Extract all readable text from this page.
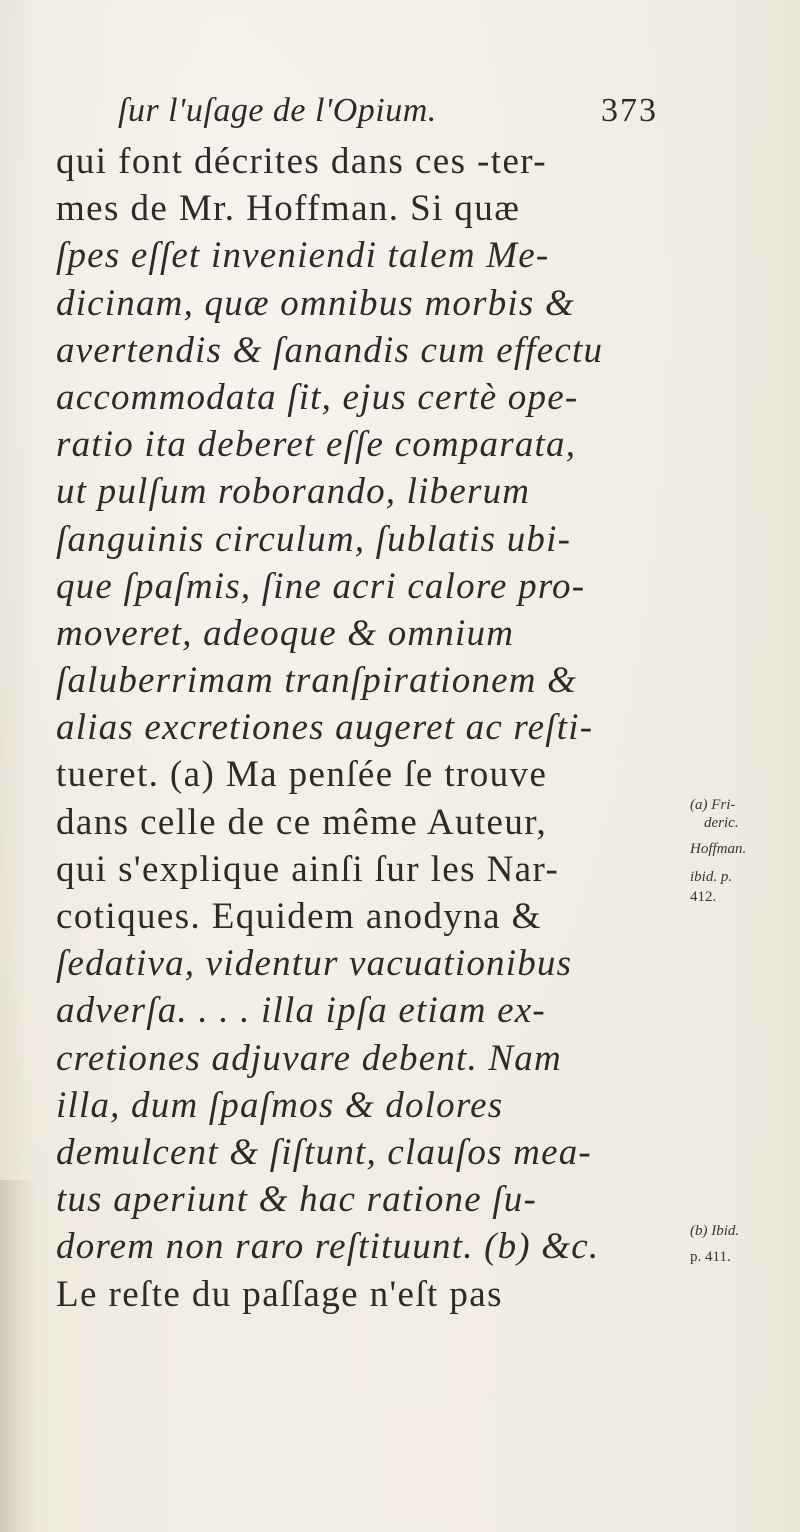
ſur l'uſage de l'Opium.	373
qui font décrites dans ces -ter-
mes de Mr. Hoffman. Si quæ
ſpes eſſet inveniendi talem Me-
dicinam, quæ omnibus morbis &
avertendis & ſanandis cum effectu
accommodata ſit, ejus certè ope-
ratio ita deberet eſſe comparata,
ut pulſum roborando, liberum
ſanguinis circulum, ſublatis ubi-
que ſpaſmis, ſine acri calore pro-
moveret, adeoque & omnium
ſaluberrimam tranſpirationem &
alias excretiones augeret ac reſti-
tueret. (a) Ma penſée ſe trouve
dans celle de ce même Auteur,
qui s'explique ainſi ſur les Nar-
cotiques. Equidem anodyna &
ſedativa, videntur vacuationibus
adverſa. . . . illa ipſa etiam ex-
cretiones adjuvare debent. Nam
illa, dum ſpaſmos & dolores
demulcent & ſiſtunt, clauſos mea-
tus aperiunt & hac ratione ſu-
dorem non raro reſtituunt. (b) &c.
Le reſte du paſſage n'eſt pas
(a) Fri-
deric.
Hoffman.
ibid. p.
412.
(b) Ibid.
p. 411.
